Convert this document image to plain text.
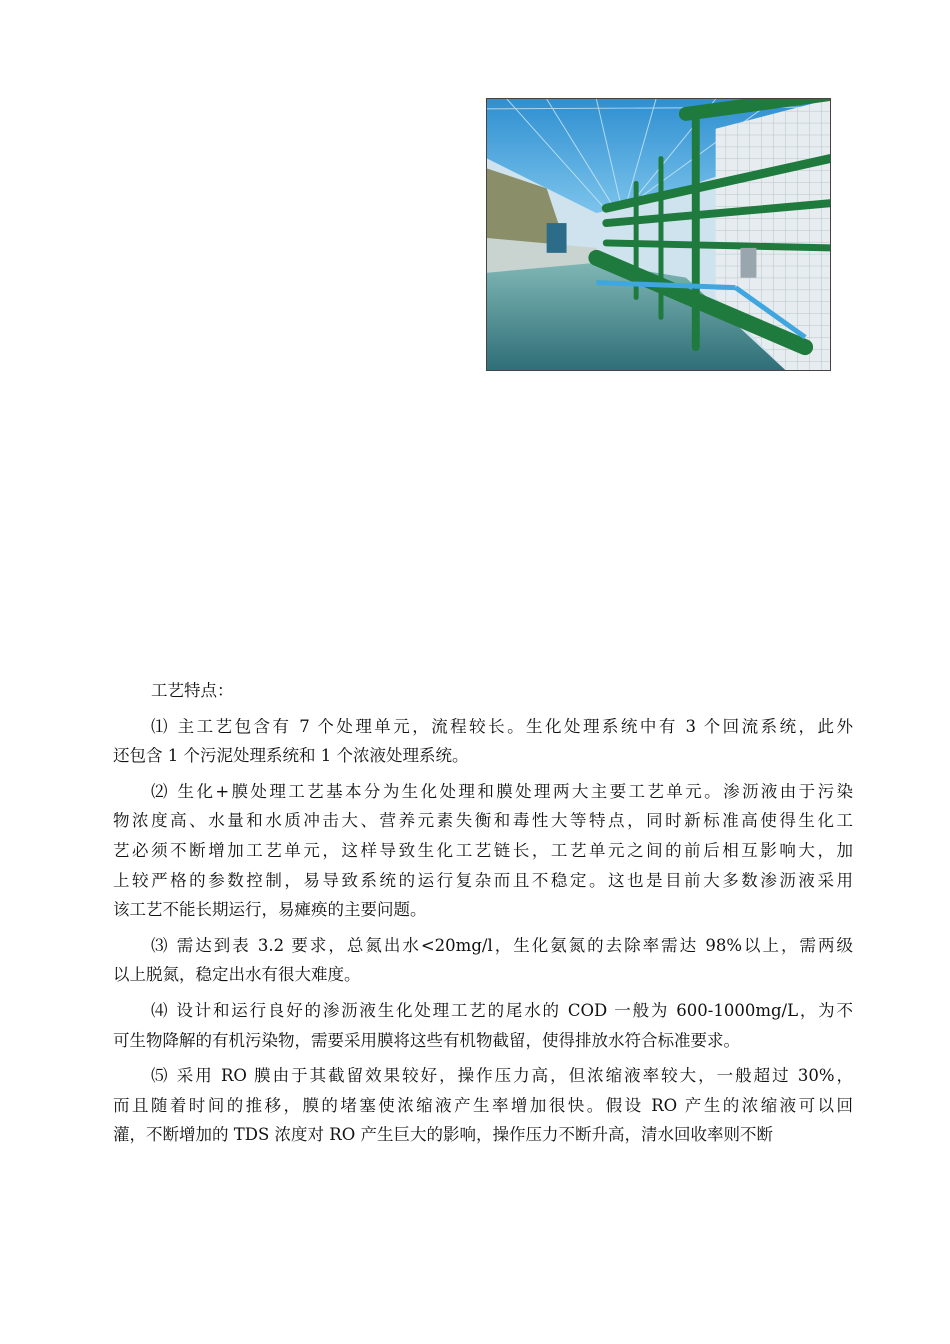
工艺特点：

⑴ 主工艺包含有 7 个处理单元，流程较长。生化处理系统中有 3 个回流系统，此外
还包含 1 个污泥处理系统和 1 个浓液处理系统。

⑵ 生化+膜处理工艺基本分为生化处理和膜处理两大主要工艺单元。渗沥液由于污染
物浓度高、水量和水质冲击大、营养元素失衡和毒性大等特点，同时新标准高使得生化工
艺必须不断增加工艺单元，这样导致生化工艺链长，工艺单元之间的前后相互影响大，加
上较严格的参数控制，易导致系统的运行复杂而且不稳定。这也是目前大多数渗沥液采用
该工艺不能长期运行，易瘫痪的主要问题。

⑶ 需达到表 3.2 要求，总氮出水<20mg/l，生化氨氮的去除率需达 98%以上，需两级
以上脱氮，稳定出水有很大难度。

⑷ 设计和运行良好的渗沥液生化处理工艺的尾水的 COD 一般为 600-1000mg/L，为不
可生物降解的有机污染物，需要采用膜将这些有机物截留，使得排放水符合标准要求。

⑸ 采用 RO 膜由于其截留效果较好，操作压力高，但浓缩液率较大，一般超过 30%，
而且随着时间的推移，膜的堵塞使浓缩液产生率增加很快。假设 RO 产生的浓缩液可以回
灌，不断增加的 TDS 浓度对 RO 产生巨大的影响，操作压力不断升高，清水回收率则不断
